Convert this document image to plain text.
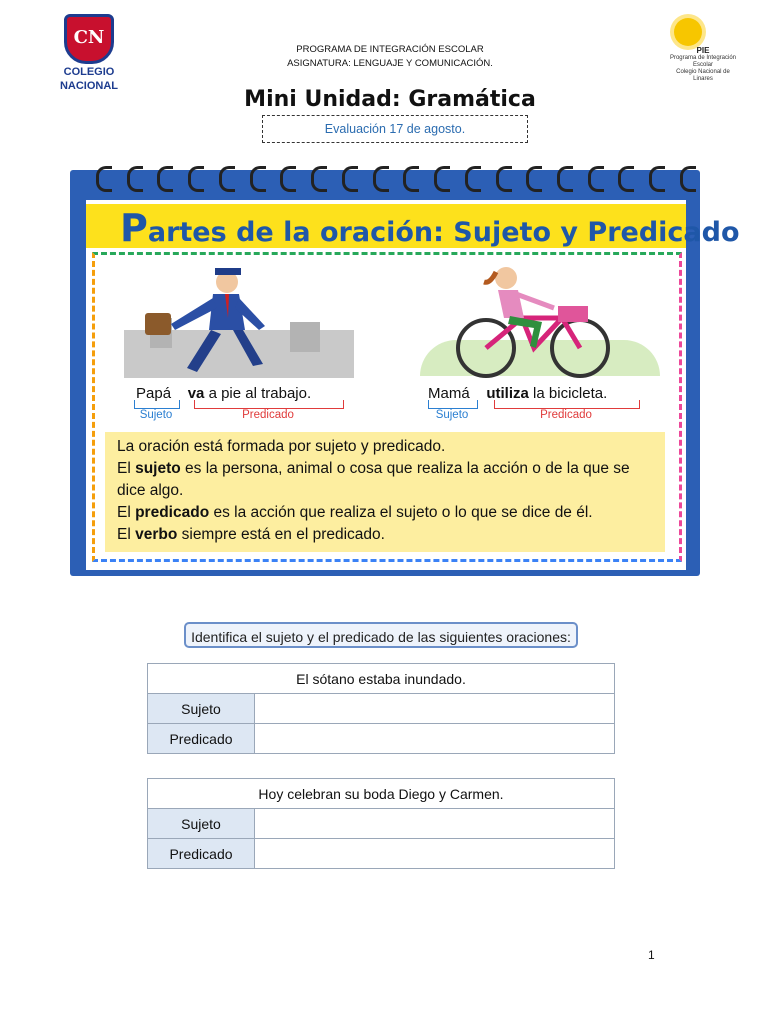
CN
COLEGIO
NACIONAL
PIE
Programa de Integración Escolar
Colegio Nacional de Linares
PROGRAMA DE INTEGRACIÓN ESCOLAR
ASIGNATURA: LENGUAJE Y COMUNICACIÓN.
Mini Unidad: Gramática
Evaluación 17 de agosto.
Partes de la oración: Sujeto y Predicado
Papá va a pie al trabajo.
Sujeto	Predicado
Mamá utiliza la bicicleta.
Sujeto	Predicado

La oración está formada por sujeto y predicado.

El sujeto es la persona, animal o cosa que realiza la acción o de la que se dice algo.

El predicado es la acción que realiza el sujeto o lo que se dice de él.

El verbo siempre está en el predicado.

Identifica el sujeto y el predicado de las siguientes oraciones:
El sótano estaba inundado.	
Sujeto	
Predicado	
Hoy celebran su boda Diego y Carmen.	
Sujeto	
Predicado	
1
